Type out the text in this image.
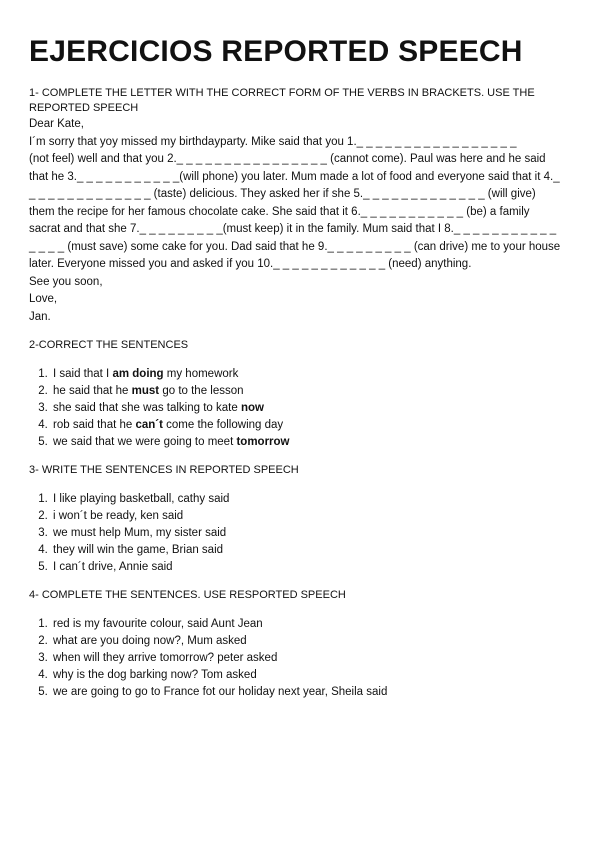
EJERCICIOS REPORTED SPEECH

1- COMPLETE THE LETTER WITH THE CORRECT FORM OF THE VERBS IN BRACKETS. USE THE REPORTED SPEECH

Dear Kate,

I´m sorry that yoy missed my birthdayparty. Mike said that you 1._ _ _ _ _ _ _ _ _ _ _ _ _ _ _ _ _

(not feel) well and that you 2._ _ _ _ _ _ _ _ _ _ _ _ _ _ _ _ (cannot come). Paul was here and he said that he 3._ _ _ _ _ _ _ _ _ _ _(will phone) you later. Mum made a lot of food and everyone said that it 4._ _ _ _ _ _ _ _ _ _ _ _ _ _ (taste) delicious. They asked her if she 5._ _ _ _ _ _ _ _ _ _ _ _ _ (will give) them the recipe for her famous chocolate cake. She said that it 6._ _ _ _ _ _ _ _ _ _ _ (be) a family sacrat and that she 7._ _ _ _ _ _ _ _ _(must keep) it in the family. Mum said that I 8._ _ _ _ _ _ _ _ _ _ _ _ _ _ _ (must save) some cake for you. Dad said that he 9._ _ _ _ _ _ _ _ _ (can drive) me to your house later. Everyone missed you and asked if you 10._ _ _ _ _ _ _ _ _ _ _ _ (need) anything.

See you soon,

Love,

Jan.

2-CORRECT THE SENTENCES

1. I said that I am doing my homework
2. he said that he must go to the lesson
3. she said that she was talking to kate now
4. rob said that he can´t come the following day
5. we said that we were going to meet tomorrow

3- WRITE THE SENTENCES IN REPORTED SPEECH

1. I like playing basketball, cathy said
2. i won´t be ready, ken said
3. we must help Mum, my sister said
4. they will win the game, Brian said
5. I can´t drive, Annie said

4- COMPLETE THE SENTENCES. USE RESPORTED SPEECH

1. red is my favourite colour, said Aunt Jean
2. what are you doing now?, Mum asked
3. when will they arrive tomorrow? peter asked
4. why is the dog barking now? Tom asked
5. we are going to go to France fot our holiday next year, Sheila said
